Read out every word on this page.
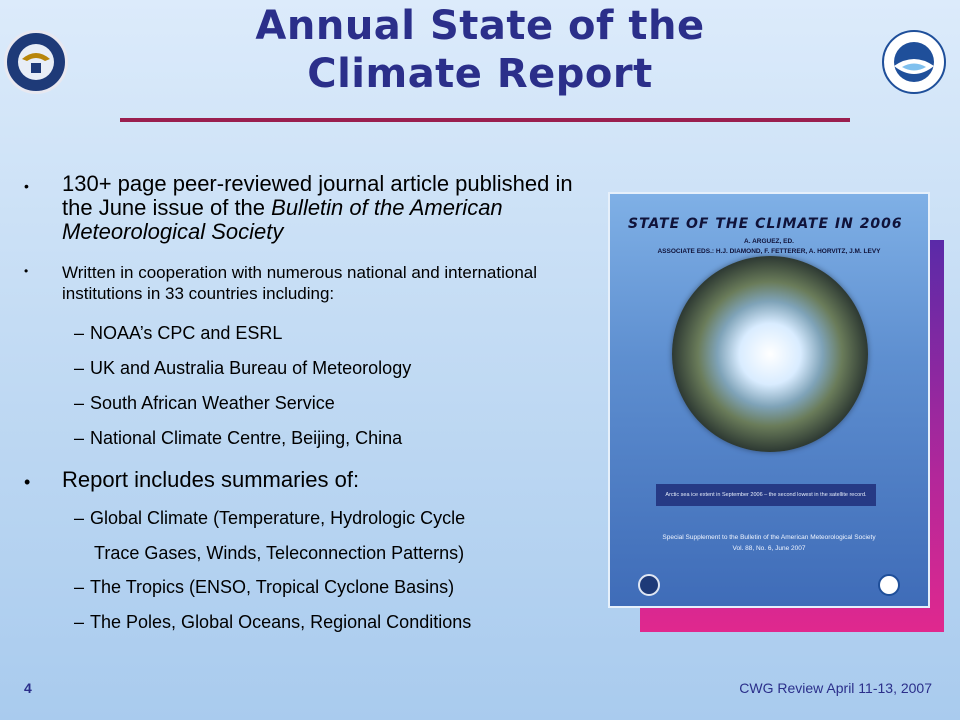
Annual State of the
Climate Report
• 130+ page peer-reviewed journal article published in the June issue of the Bulletin of the American Meteorological Society
• Written in cooperation with numerous national and international institutions in 33 countries including:
– NOAA’s CPC and ESRL
– UK and Australia Bureau of Meteorology
– South African Weather Service
– National Climate Centre, Beijing, China
• Report includes summaries of:
– Global Climate (Temperature, Hydrologic Cycle
Trace Gases, Winds, Teleconnection Patterns)
– The Tropics (ENSO, Tropical Cyclone Basins)
– The Poles, Global Oceans, Regional Conditions
STATE OF THE CLIMATE IN 2006
A. ARGUEZ, ED.
ASSOCIATE EDS.: H.J. DIAMOND, F. FETTERER, A. HORVITZ, J.M. LEVY
Arctic sea ice extent in September 2006 – the second lowest in the satellite record.
Special Supplement to the Bulletin of the American Meteorological Society
Vol. 88, No. 6, June 2007
4	CWG Review April 11-13, 2007
